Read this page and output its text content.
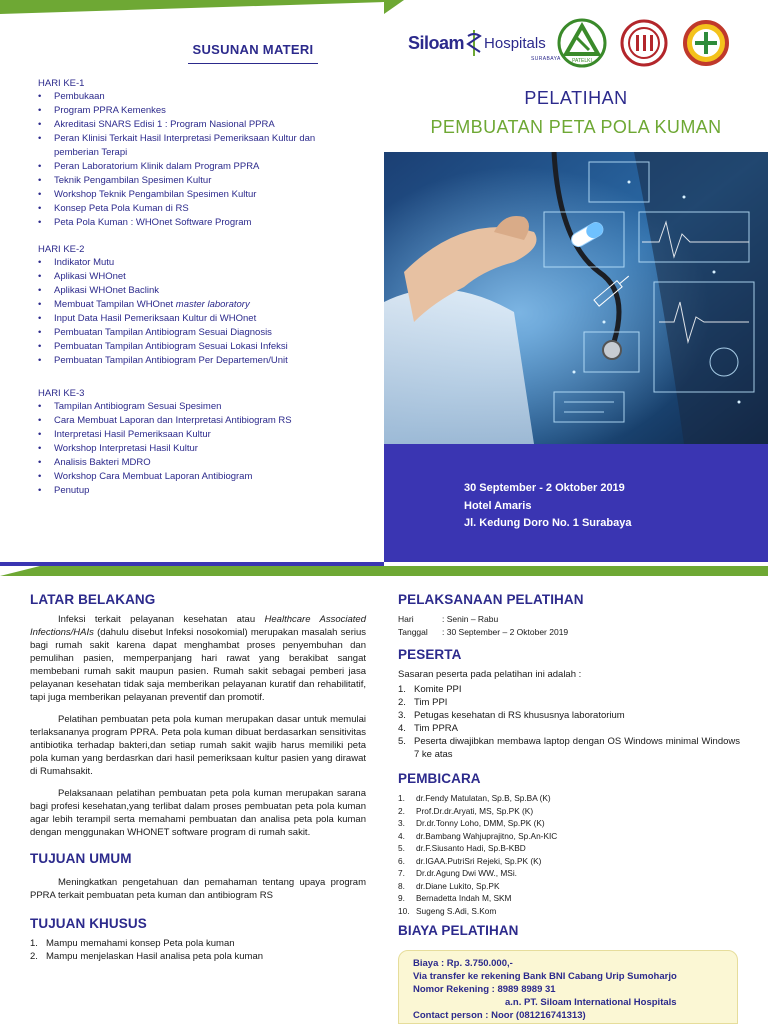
SUSUNAN MATERI
HARI KE-1
• Pembukaan
• Program PPRA Kemenkes
• Akreditasi SNARS Edisi 1 : Program Nasional PPRA
• Peran Klinisi Terkait Hasil Interpretasi Pemeriksaan Kultur dan pemberian Terapi
• Peran Laboratorium Klinik dalam Program PPRA
• Teknik Pengambilan Spesimen Kultur
• Workshop Teknik Pengambilan Spesimen Kultur
• Konsep Peta Pola Kuman di RS
• Peta Pola Kuman : WHOnet Software Program
HARI KE-2
• Indikator Mutu
• Aplikasi WHOnet
• Aplikasi WHOnet Baclink
• Membuat Tampilan WHOnet master laboratory
• Input Data Hasil Pemeriksaan Kultur di WHOnet
• Pembuatan Tampilan Antibiogram Sesuai Diagnosis
• Pembuatan Tampilan Antibiogram Sesuai Lokasi Infeksi
• Pembuatan Tampilan Antibiogram Per Departemen/Unit
HARI KE-3
• Tampilan Antibiogram Sesuai Spesimen
• Cara Membuat Laporan dan Interpretasi Antibiogram RS
• Interpretasi Hasil Pemeriksaan Kultur
• Workshop Interpretasi Hasil Kultur
• Analisis Bakteri MDRO
• Workshop Cara Membuat Laporan Antibiogram
• Penutup
Siloam Hospitals
PATELKI
SURABAYA
PELATIHAN
PEMBUATAN PETA POLA KUMAN
30 September - 2 Oktober 2019
Hotel Amaris
Jl. Kedung Doro No. 1 Surabaya
LATAR BELAKANG

Infeksi terkait pelayanan kesehatan atau Healthcare Associated Infections/HAIs (dahulu disebut Infeksi nosokomial) merupakan masalah serius bagi rumah sakit karena dapat menghambat proses penyembuhan dan pemulihan pasien, memperpanjang hari rawat yang berakibat sangat membebani rumah sakit maupun pasien. Rumah sakit sebagai pemberi jasa pelayanan kesehatan tidak saja memberikan pelayanan kuratif dan rehabilitatif, tapi juga memberikan pelayanan preventif dan promotif.

Pelatihan pembuatan peta pola kuman merupakan dasar untuk memulai terlaksananya program PPRA. Peta pola kuman dibuat berdasarkan sensitivitas antibiotika terhadap bakteri,dan setiap rumah sakit wajib harus memiliki peta pola kuman yang berdasrkan dari hasil pemeriksaan kultur pasien yang dirawat di Rumahsakit.

Pelaksanaan pelatihan pembuatan peta pola kuman merupakan sarana bagi profesi kesehatan,yang terlibat dalam proses pembuatan peta pola kuman agar lebih terampil serta memahami pembuatan dan analisa peta pola kuman dengan menggunakan WHONET software program di rumah sakit.

TUJUAN UMUM

Meningkatkan pengetahuan dan pemahaman tentang upaya program PPRA terkait pembuatan peta kuman dan antibiogram RS

TUJUAN KHUSUS
1. Mampu memahami konsep Peta pola kuman
2. Mampu menjelaskan Hasil analisa peta pola kuman
PELAKSANAAN PELATIHAN
Hari	: Senin – Rabu
Tanggal	: 30 September – 2 Oktober 2019
PESERTA
Sasaran peserta pada pelatihan ini adalah :
1. Komite PPI
2. Tim PPI
3. Petugas kesehatan di RS khususnya laboratorium
4. Tim PPRA
5. Peserta diwajibkan membawa laptop dengan OS Windows minimal Windows 7 ke atas
PEMBICARA
1. dr.Fendy Matulatan, Sp.B, Sp.BA (K)
2. Prof.Dr.dr.Aryati, MS, Sp.PK (K)
3. Dr.dr.Tonny Loho, DMM, Sp.PK (K)
4. dr.Bambang Wahjuprajitno, Sp.An-KIC
5. dr.F.Siusanto Hadi, Sp.B-KBD
6. dr.IGAA.PutriSri Rejeki, Sp.PK (K)
7. Dr.dr.Agung Dwi WW., MSi.
8. dr.Diane Lukito, Sp.PK
9. Bernadetta Indah M, SKM
10. Sugeng S.Adi, S.Kom
BIAYA PELATIHAN
Biaya : Rp. 3.750.000,-
Via transfer ke rekening Bank BNI Cabang Urip Sumoharjo
Nomor Rekening : 8989 8989 31
a.n. PT. Siloam International Hospitals
Contact person : Noor (081216741313)
